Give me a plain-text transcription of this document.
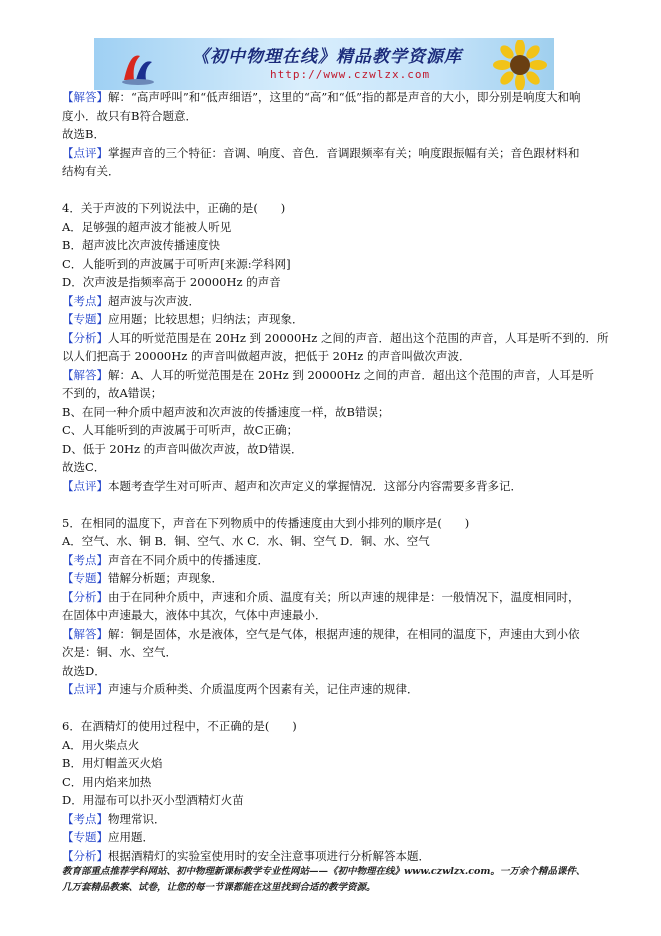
《初中物理在线》精品教学资源库
http://www.czwlzx.com
【解答】解：“高声呼叫”和“低声细语”，这里的“高”和“低”指的都是声音的大小，即分别是响度大和响
度小．故只有B符合题意．
故选B．
【点评】掌握声音的三个特征：音调、响度、音色．音调跟频率有关；响度跟振幅有关；音色跟材料和
结构有关．
4．关于声波的下列说法中，正确的是(　　)
A．足够强的超声波才能被人听见
B．超声波比次声波传播速度快
C．人能听到的声波属于可听声[来源:学科网]
D．次声波是指频率高于 20000Hz 的声音
【考点】超声波与次声波．
【专题】应用题；比较思想；归纳法；声现象．
【分析】人耳的听觉范围是在 20Hz 到 20000Hz 之间的声音．超出这个范围的声音，人耳是听不到的．所
以人们把高于 20000Hz 的声音叫做超声波，把低于 20Hz 的声音叫做次声波．
【解答】解：A、人耳的听觉范围是在 20Hz 到 20000Hz 之间的声音．超出这个范围的声音，人耳是听
不到的，故A错误；
B、在同一种介质中超声波和次声波的传播速度一样，故B错误；
C、人耳能听到的声波属于可听声，故C正确；
D、低于 20Hz 的声音叫做次声波，故D错误．
故选C．
【点评】本题考查学生对可听声、超声和次声定义的掌握情况．这部分内容需要多背多记．
5．在相同的温度下，声音在下列物质中的传播速度由大到小排列的顺序是(　　)
A．空气、水、铜 B．铜、空气、水 C．水、铜、空气 D．铜、水、空气
【考点】声音在不同介质中的传播速度．
【专题】错解分析题；声现象．
【分析】由于在同种介质中，声速和介质、温度有关；所以声速的规律是：一般情况下，温度相同时，
在固体中声速最大，液体中其次，气体中声速最小．
【解答】解：铜是固体，水是液体，空气是气体，根据声速的规律，在相同的温度下，声速由大到小依
次是：铜、水、空气．
故选D．
【点评】声速与介质种类、介质温度两个因素有关，记住声速的规律．
6．在酒精灯的使用过程中，不正确的是(　　)
A．用火柴点火
B．用灯帽盖灭火焰
C．用内焰来加热
D．用湿布可以扑灭小型酒精灯火苗
【考点】物理常识．
【专题】应用题．
【分析】根据酒精灯的实验室使用时的安全注意事项进行分析解答本题．
教育部重点推荐学科网站、初中物理新课标教学专业性网站——《初中物理在线》www.czwlzx.com。一万余个精品课件、
几万套精品教案、试卷，让您的每一节课都能在这里找到合适的教学资源。
